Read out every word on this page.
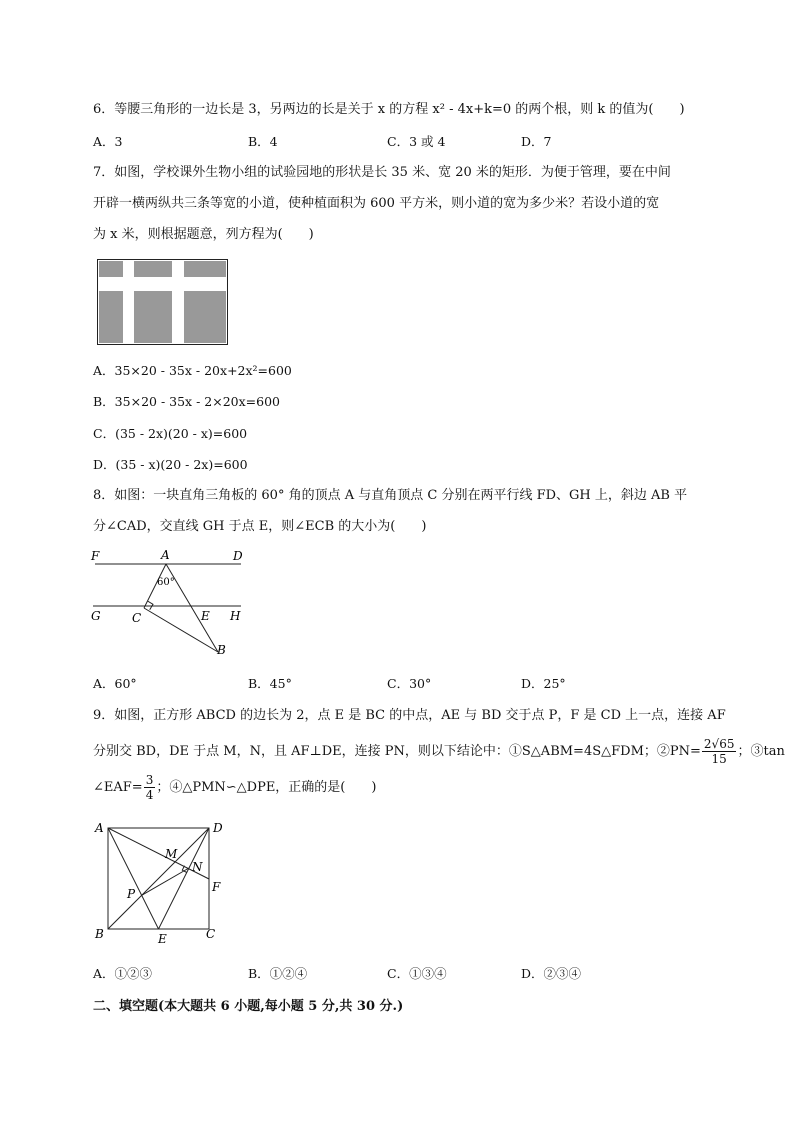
6．等腰三角形的一边长是 3，另两边的长是关于 x 的方程 x² - 4x+k=0 的两个根，则 k 的值为(　　)
A．3	B．4	C．3 或 4	D．7
7．如图，学校课外生物小组的试验园地的形状是长 35 米、宽 20 米的矩形．为便于管理，要在中间
开辟一横两纵共三条等宽的小道，使种植面积为 600 平方米，则小道的宽为多少米？若设小道的宽
为 x 米，则根据题意，列方程为(　　)
A．35×20 - 35x - 20x+2x²=600
B．35×20 - 35x - 2×20x=600
C．(35 - 2x)(20 - x)=600
D．(35 - x)(20 - 2x)=600
8．如图：一块直角三角板的 60° 角的顶点 A 与直角顶点 C 分别在两平行线 FD、GH 上，斜边 AB 平
分∠CAD，交直线 GH 于点 E，则∠ECB 的大小为(　　)
F	A	D
60°
G	C	E H
B
A．60°	B．45°	C．30°	D．25°
9．如图，正方形 ABCD 的边长为 2，点 E 是 BC 的中点，AE 与 BD 交于点 P，F 是 CD 上一点，连接 AF
分别交 BD，DE 于点 M，N，且 AF⊥DE，连接 PN，则以下结论中：①S△ABM=4S△FDM；②PN= $\frac{2√65}{15}$ ；③tan
∠EAF= $\frac{3}{4}$ ；④△PMN∽△DPE，正确的是(　　)
A	D
M
N
F
P
B	E	C
A．①②③	B．①②④	C．①③④	D．②③④
二、填空题(本大题共 6 小题,每小题 5 分,共 30 分.)
